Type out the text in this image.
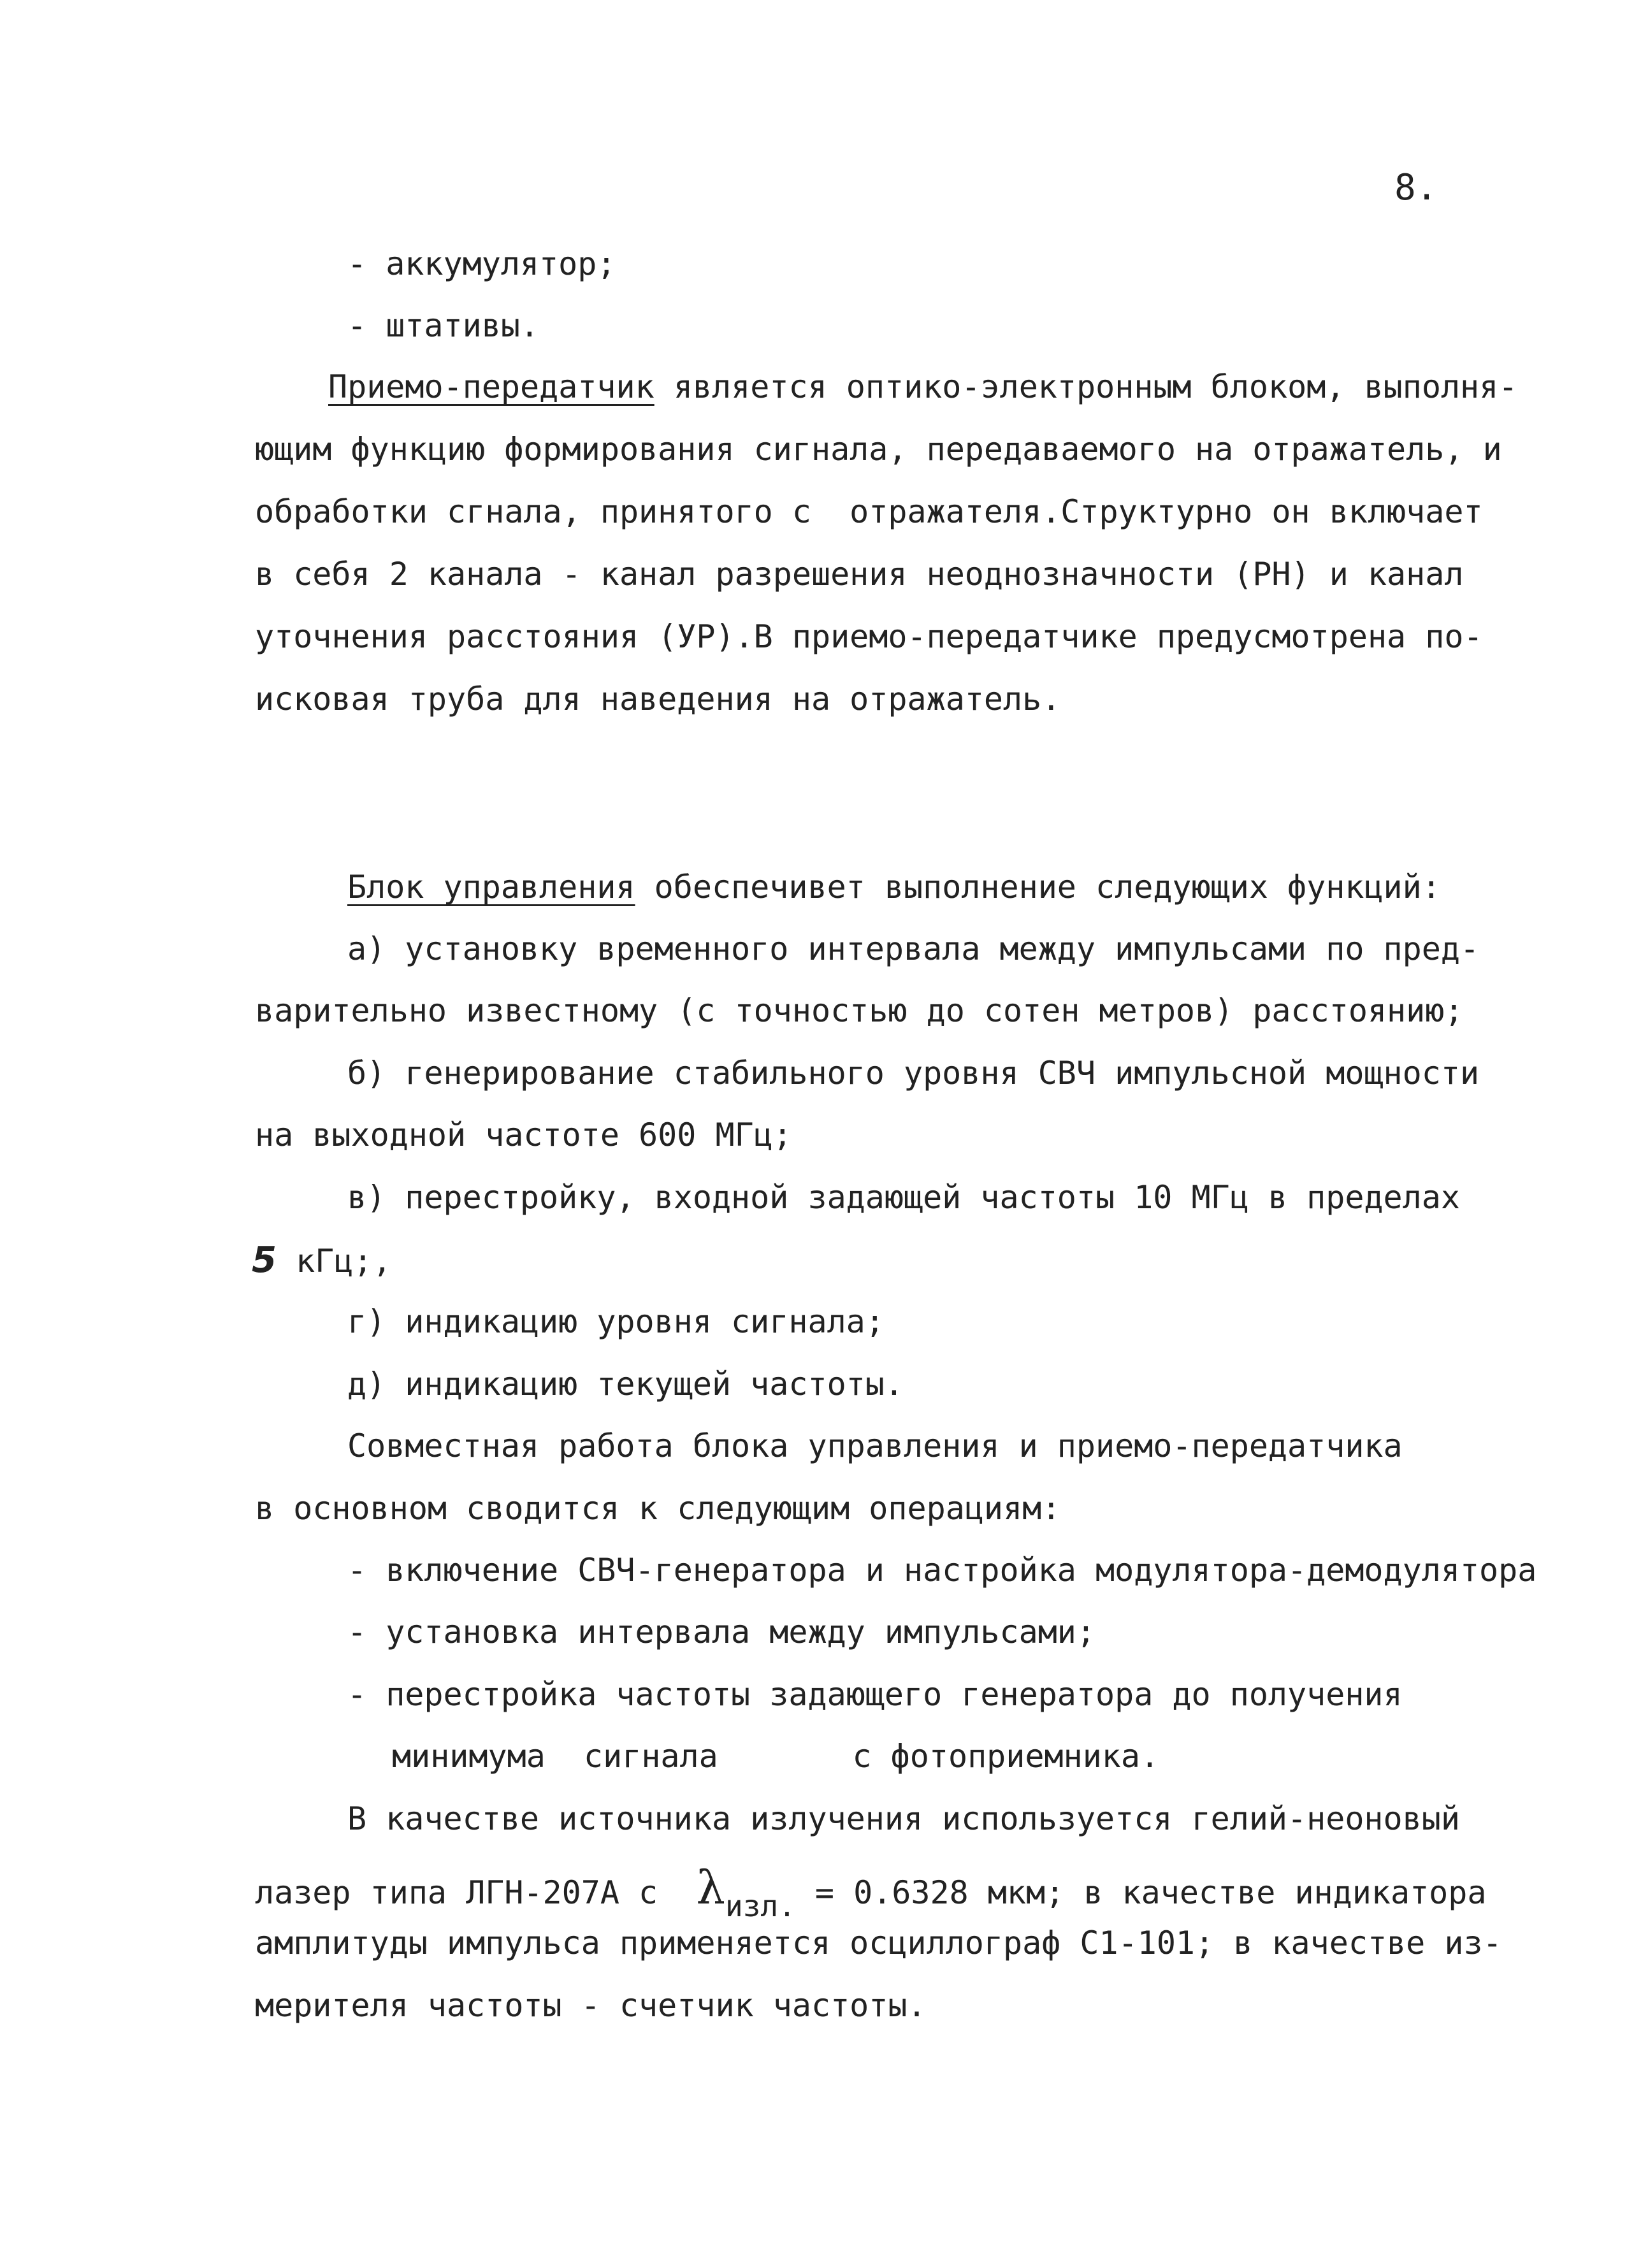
8.
- аккумулятор;
- штативы.
Приемо-передатчик является оптико-электронным блоком, выполня-
ющим функцию формирования сигнала, передаваемого на отражатель, и
обработки сгнала, принятого с  отражателя.Структурно он включает
в себя 2 канала - канал разрешения неоднозначности (РН) и канал
уточнения расстояния (УР).В приемо-передатчике предусмотрена по-
исковая труба для наведения на отражатель.
Блок управления обеспечивет выполнение следующих функций:
а) установку временного интервала между импульсами по пред-
варительно известному (с точностью до сотен метров) расстоянию;
б) генерирование стабильного уровня СВЧ импульсной мощности
на выходной частоте 600 МГц;
в) перестройку, входной задающей частоты 10 МГц в пределах
5 кГц;,
г) индикацию уровня сигнала;
д) индикацию текущей частоты.
Совместная работа блока управления и приемо-передатчика
в основном сводится к следующим операциям:
- включение СВЧ-генератора и настройка модулятора-демодулятора
- установка интервала между импульсами;
- перестройка частоты задающего генератора до получения
минимума  сигнала       с фотоприемника.
В качестве источника излучения используется гелий-неоновый
лазер типа ЛГН-207А с  λизл. = 0.6328 мкм; в качестве индикатора
амплитуды импульса применяется осциллограф С1-101; в качестве из-
мерителя частоты - счетчик частоты.
